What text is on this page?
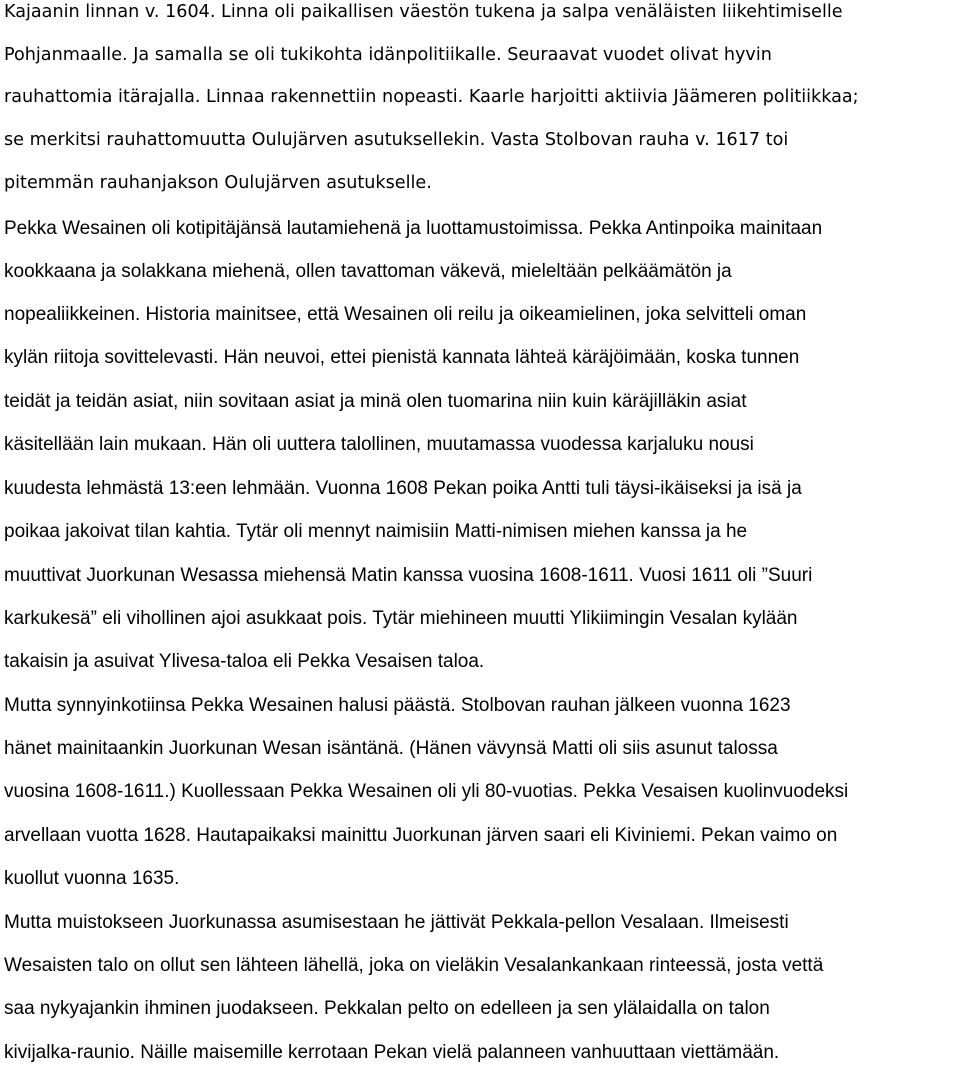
Kajaanin linnan v. 1604. Linna oli paikallisen väestön tukena ja salpa venäläisten liikehtimiselle
Pohjanmaalle. Ja samalla se oli tukikohta idänpolitiikalle. Seuraavat vuodet olivat hyvin
rauhattomia itärajalla. Linnaa rakennettiin nopeasti. Kaarle harjoitti aktiivia Jäämeren politiikkaa;
se merkitsi rauhattomuutta Oulujärven asutuksellekin. Vasta Stolbovan rauha v. 1617 toi
pitemmän rauhanjakson Oulujärven asutukselle.
Pekka Wesainen oli kotipitäjänsä lautamiehenä ja luottamustoimissa. Pekka Antinpoika mainitaan
kookkaana ja solakkana miehenä, ollen tavattoman väkevä, mieleltään pelkäämätön ja
nopealiikkeinen. Historia mainitsee, että Wesainen oli reilu ja oikeamielinen, joka selvitteli oman
kylän riitoja sovittelevasti. Hän neuvoi, ettei pienistä kannata lähteä käräjöimään, koska tunnen
teidät ja teidän asiat, niin sovitaan asiat ja minä olen tuomarina niin kuin käräjilläkin asiat
käsitellään lain mukaan. Hän oli uuttera talollinen, muutamassa vuodessa karjaluku nousi
kuudesta lehmästä 13:een lehmään. Vuonna 1608 Pekan poika Antti tuli täysi-ikäiseksi ja isä ja
poikaa jakoivat tilan kahtia. Tytär oli mennyt naimisiin Matti-nimisen miehen kanssa ja he
muuttivat Juorkunan Wesassa miehensä Matin kanssa vuosina 1608-1611. Vuosi 1611 oli ”Suuri
karkukesä” eli vihollinen ajoi asukkaat pois. Tytär miehineen muutti Ylikiimingin Vesalan kylään
takaisin ja asuivat Ylivesa-taloa eli Pekka Vesaisen taloa.
Mutta synnyinkotiinsa Pekka Wesainen halusi päästä. Stolbovan rauhan jälkeen vuonna 1623
hänet mainitaankin Juorkunan Wesan isäntänä. (Hänen vävynsä Matti oli siis asunut talossa
vuosina 1608-1611.) Kuollessaan Pekka Wesainen oli yli 80-vuotias. Pekka Vesaisen kuolinvuodeksi
arvellaan vuotta 1628. Hautapaikaksi mainittu Juorkunan järven saari eli Kiviniemi. Pekan vaimo on
kuollut vuonna 1635.
Mutta muistokseen Juorkunassa asumisestaan he jättivät Pekkala-pellon Vesalaan. Ilmeisesti
Wesaisten talo on ollut sen lähteen lähellä, joka on vieläkin Vesalankankaan rinteessä, josta vettä
saa nykyajankin ihminen juodakseen. Pekkalan pelto on edelleen ja sen ylälaidalla on talon
kivijalka-raunio. Näille maisemille kerrotaan Pekan vielä palanneen vanhuuttaan viettämään.
